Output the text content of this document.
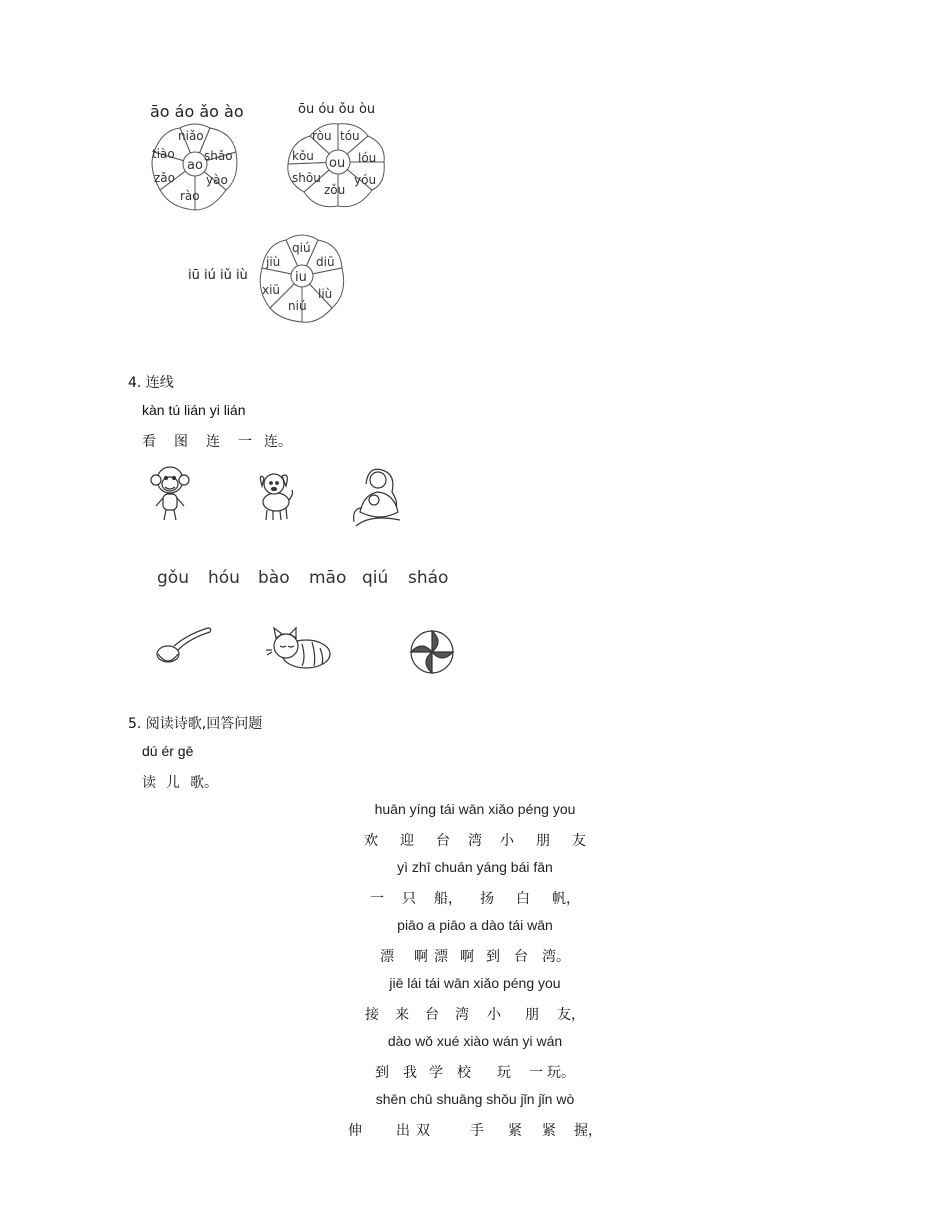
āo áo ǎo ào
ao
niǎo
shǎo
yào
rào
zǎo
tiào
ōu óu ǒu òu
ou
tóu
lóu
yóu
zǒu
shōu
kǒu
ròu
iū iú iǔ iù	iu
qiú
diū
liù
niú
xiū
jiù
4. 连线
kàn tú lián yi lián
看 图 连 一 连。
gǒu hóu bào māo qiú sháo
5. 阅读诗歌,回答问题
dú ér gē
读 儿 歌。
huān yíng tái wān xiǎo péng you
欢 迎 台 湾 小 朋 友
yì zhī chuán yáng bái fān
一 只 船， 扬 白 帆，
piāo a piāo a dào tái wān
漂 啊 漂 啊 到 台 湾。
jiē lái tái wān xiǎo péng you
接 来 台 湾 小 朋 友，
dào wǒ xué xiào wán yi wán
到 我 学 校 玩 一 玩。
shēn chū shuāng shǒu jǐn jǐn wò
伸 出 双	手 紧 紧 握，
